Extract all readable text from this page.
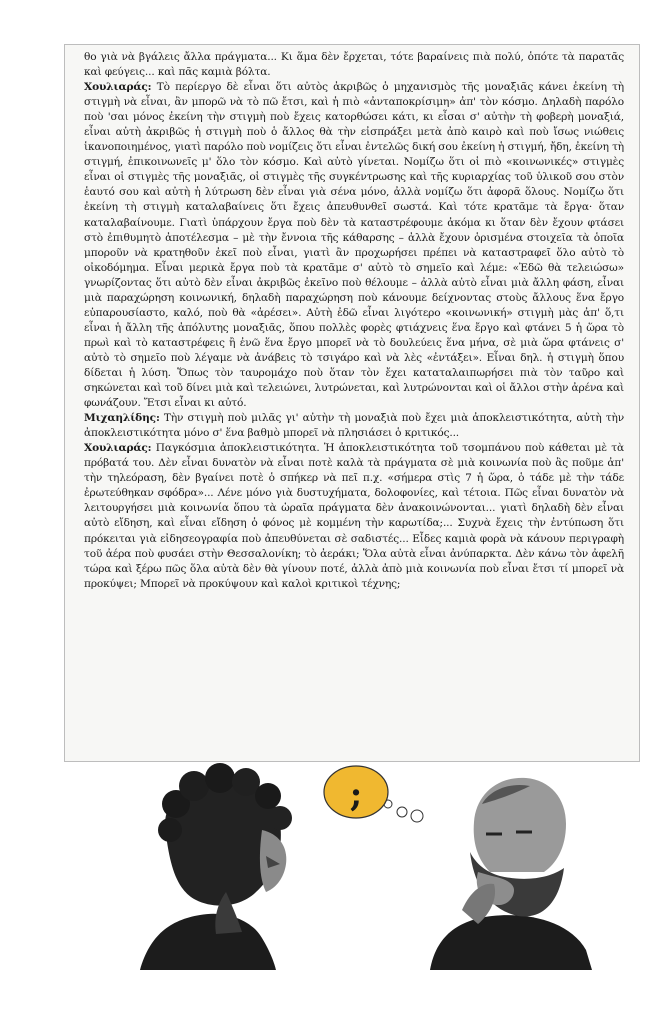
θο γιὰ νὰ βγάλεις ἄλλα πράγματα... Κι ἅμα δὲν ἔρχεται, τότε βαραίνεις πιὰ πολύ, ὁπότε τὰ παρατᾶς καὶ φεύγεις... καὶ πᾶς καμιὰ βόλτα.
Χουλιαράς: Τὸ περίεργο δὲ εἶναι ὅτι αὐτὸς ἀκριβῶς ὁ μηχανισμὸς τῆς μοναξιᾶς κάνει ἐκείνη τὴ στιγμὴ νὰ εἶναι, ἂν μπορῶ νὰ τὸ πῶ ἔτσι, καὶ ἡ πιὸ «ἀνταποκρίσιμη» ἀπ' τὸν κόσμο. Δηλαδὴ παρόλο ποὺ 'σαι μόνος ἐκείνη τὴν στιγμὴ ποὺ ἔχεις κατορθώσει κάτι, κι εἶσαι σ' αὐτὴν τὴ φοβερὴ μοναξιά, εἶναι αὐτὴ ἀκριβῶς ἡ στιγμὴ ποὺ ὁ ἄλλος θὰ τὴν εἰσπράξει μετὰ ἀπὸ καιρὸ καὶ ποὺ ἴσως νιώθεις ἱκανοποιημένος, γιατὶ παρόλο ποὺ νομίζεις ὅτι εἶναι ἐντελῶς δική σου ἐκείνη ἡ στιγμή, ἤδη, ἐκείνη τὴ στιγμή, ἐπικοινωνεῖς μ' ὅλο τὸν κόσμο. Καὶ αὐτὸ γίνεται. Νομίζω ὅτι οἱ πιὸ «κοινωνικές» στιγμὲς εἶναι οἱ στιγμὲς τῆς μοναξιᾶς, οἱ στιγμὲς τῆς συγκέντρωσης καὶ τῆς κυριαρχίας τοῦ ὑλικοῦ σου στὸν ἑαυτό σου καὶ αὐτὴ ἡ λύτρωση δὲν εἶναι γιὰ σένα μόνο, ἀλλὰ νομίζω ὅτι ἀφορᾶ ὅλους. Νομίζω ὅτι ἐκείνη τὴ στιγμὴ καταλαβαίνεις ὅτι ἔχεις ἀπευθυνθεῖ σωστά. Καὶ τότε κρατᾶμε τὰ ἔργα· ὅταν καταλαβαίνουμε. Γιατὶ ὑπάρχουν ἔργα ποὺ δὲν τὰ καταστρέφουμε ἀκόμα κι ὅταν δὲν ἔχουν φτάσει στὸ ἐπιθυμητὸ ἀποτέλεσμα – μὲ τὴν ἔννοια τῆς κάθαρσης – ἀλλὰ ἔχουν ὁρισμένα στοιχεῖα τὰ ὁποῖα μποροῦν νὰ κρατηθοῦν ἐκεῖ ποὺ εἶναι, γιατὶ ἂν προχωρήσει πρέπει νὰ καταστραφεῖ ὅλο αὐτὸ τὸ οἰκοδόμημα. Εἶναι μερικὰ ἔργα ποὺ τὰ κρατᾶμε σ' αὐτὸ τὸ σημεῖο καὶ λέμε: «Ἐδῶ θὰ τελειώσω» γνωρίζοντας ὅτι αὐτὸ δὲν εἶναι ἀκριβῶς ἐκεῖνο ποὺ θέλουμε – ἀλλὰ αὐτὸ εἶναι μιὰ ἄλλη φάση, εἶναι μιὰ παραχώρηση κοινωνική, δηλαδὴ παραχώρηση ποὺ κάνουμε δείχνοντας στοὺς ἄλλους ἕνα ἔργο εὐπαρουσίαστο, καλό, ποὺ θὰ «ἀρέσει». Αὐτὴ ἐδῶ εἶναι λιγότερο «κοινωνική» στιγμὴ μὰς ἀπ' ὅ,τι εἶναι ἡ ἄλλη τῆς ἀπόλυτης μοναξιᾶς, ὅπου πολλὲς φορὲς φτιάχνεις ἕνα ἔργο καὶ φτάνει 5 ἡ ὥρα τὸ πρωὶ καὶ τὸ καταστρέφεις ἢ ἐνῶ ἕνα ἔργο μπορεῖ νὰ τὸ δουλεύεις ἕνα μήνα, σὲ μιὰ ὥρα φτάνεις σ' αὐτὸ τὸ σημεῖο ποὺ λέγαμε νὰ ἀνάβεις τὸ τσιγάρο καὶ νὰ λὲς «ἐντάξει». Εἶναι δηλ. ἡ στιγμὴ ὅπου δίδεται ἡ λύση. Ὅπως τὸν ταυρομάχο ποὺ ὅταν τὸν ἔχει καταταλαιπωρήσει πιὰ τὸν ταῦρο καὶ σηκώνεται καὶ τοῦ δίνει μιὰ καὶ τελειώνει, λυτρώνεται, καὶ λυτρώνονται καὶ οἱ ἄλλοι στὴν ἀρένα καὶ φωνάζουν. Ἔτσι εἶναι κι αὐτό.
Μιχαηλίδης: Τὴν στιγμὴ ποὺ μιλᾶς γι' αὐτὴν τὴ μοναξιὰ ποὺ ἔχει μιὰ ἀποκλειστικότητα, αὐτὴ τὴν ἀποκλειστικότητα μόνο σ' ἕνα βαθμὸ μπορεῖ νὰ πλησιάσει ὁ κριτικός...
Χουλιαράς: Παγκόσμια ἀποκλειστικότητα. Ἡ ἀποκλειστικότητα τοῦ τσομπάνου ποὺ κάθεται μὲ τὰ πρόβατά του. Δὲν εἶναι δυνατὸν νὰ εἶναι ποτὲ καλὰ τὰ πράγματα σὲ μιὰ κοινωνία ποὺ ἂς ποῦμε ἀπ' τὴν τηλεόραση, δὲν βγαίνει ποτὲ ὁ σπήκερ νὰ πεῖ π.χ. «σήμερα στὶς 7 ἡ ὥρα, ὁ τάδε μὲ τὴν τάδε ἐρωτεύθηκαν σφόδρα»... Λένε μόνο γιὰ δυστυχήματα, δολοφονίες, καὶ τέτοια. Πῶς εἶναι δυνατὸν νὰ λειτουργήσει μιὰ κοινωνία ὅπου τὰ ὡραῖα πράγματα δὲν ἀνακοινώνονται... γιατὶ δηλαδὴ δὲν εἶναι αὐτὸ εἴδηση, καὶ εἶναι εἴδηση ὁ φόνος μὲ κομμένη τὴν καρωτίδα;... Συχνὰ ἔχεις τὴν ἐντύπωση ὅτι πρόκειται γιὰ εἰδησεογραφία ποὺ ἀπευθύνεται σὲ σαδιστές... Εἶδες καμιὰ φορὰ νὰ κάνουν περιγραφὴ τοῦ ἀέρα ποὺ φυσάει στὴν Θεσσαλονίκη; τὸ ἀεράκι; Ὅλα αὐτὰ εἶναι ἀνύπαρκτα. Δὲν κάνω τὸν ἀφελῆ τώρα καὶ ξέρω πῶς ὅλα αὐτὰ δὲν θὰ γίνουν ποτέ, ἀλλὰ ἀπὸ μιὰ κοινωνία ποὺ εἶναι ἔτσι τί μπορεῖ νὰ προκύψει; Μπορεῖ νὰ προκύψουν καὶ καλοὶ κριτικοὶ τέχνης;
;
